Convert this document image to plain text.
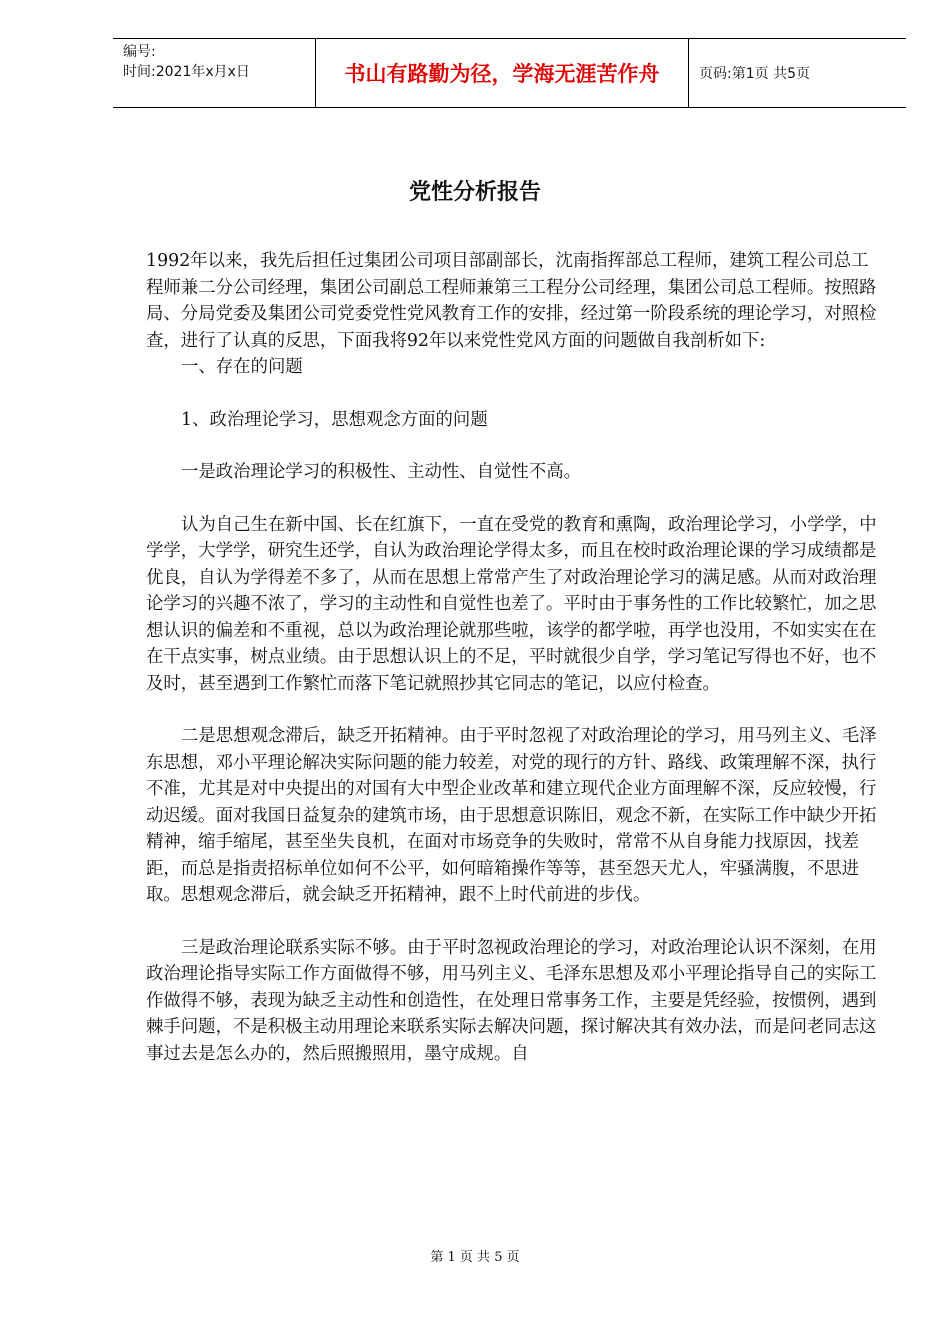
编号:
时间:2021年x月x日	书山有路勤为径，学海无涯苦作舟	页码:第1页 共5页
党性分析报告

1992年以来，我先后担任过集团公司项目部副部长，沈南指挥部总工程师，建筑工程公司总工程师兼二分公司经理，集团公司副总工程师兼第三工程分公司经理，集团公司总工程师。按照路局、分局党委及集团公司党委党性党风教育工作的安排，经过第一阶段系统的理论学习，对照检查，进行了认真的反思，下面我将92年以来党性党风方面的问题做自我剖析如下:

一、存在的问题

1、政治理论学习，思想观念方面的问题

一是政治理论学习的积极性、主动性、自觉性不高。

认为自己生在新中国、长在红旗下，一直在受党的教育和熏陶，政治理论学习，小学学，中学学，大学学，研究生还学，自认为政治理论学得太多，而且在校时政治理论课的学习成绩都是优良，自认为学得差不多了，从而在思想上常常产生了对政治理论学习的满足感。从而对政治理论学习的兴趣不浓了，学习的主动性和自觉性也差了。平时由于事务性的工作比较繁忙，加之思想认识的偏差和不重视，总以为政治理论就那些啦，该学的都学啦，再学也没用，不如实实在在在干点实事，树点业绩。由于思想认识上的不足，平时就很少自学，学习笔记写得也不好，也不及时，甚至遇到工作繁忙而落下笔记就照抄其它同志的笔记，以应付检查。

二是思想观念滞后，缺乏开拓精神。由于平时忽视了对政治理论的学习，用马列主义、毛泽东思想，邓小平理论解决实际问题的能力较差，对党的现行的方针、路线、政策理解不深，执行不准，尤其是对中央提出的对国有大中型企业改革和建立现代企业方面理解不深，反应较慢，行动迟缓。面对我国日益复杂的建筑市场，由于思想意识陈旧，观念不新，在实际工作中缺少开拓精神，缩手缩尾，甚至坐失良机，在面对市场竞争的失败时，常常不从自身能力找原因，找差距，而总是指责招标单位如何不公平，如何暗箱操作等等，甚至怨天尤人，牢骚满腹，不思进取。思想观念滞后，就会缺乏开拓精神，跟不上时代前进的步伐。

三是政治理论联系实际不够。由于平时忽视政治理论的学习，对政治理论认识不深刻，在用政治理论指导实际工作方面做得不够，用马列主义、毛泽东思想及邓小平理论指导自己的实际工作做得不够，表现为缺乏主动性和创造性，在处理日常事务工作，主要是凭经验，按惯例，遇到棘手问题，不是积极主动用理论来联系实际去解决问题，探讨解决其有效办法，而是问老同志这事过去是怎么办的，然后照搬照用，墨守成规。自

第 1 页 共 5 页
